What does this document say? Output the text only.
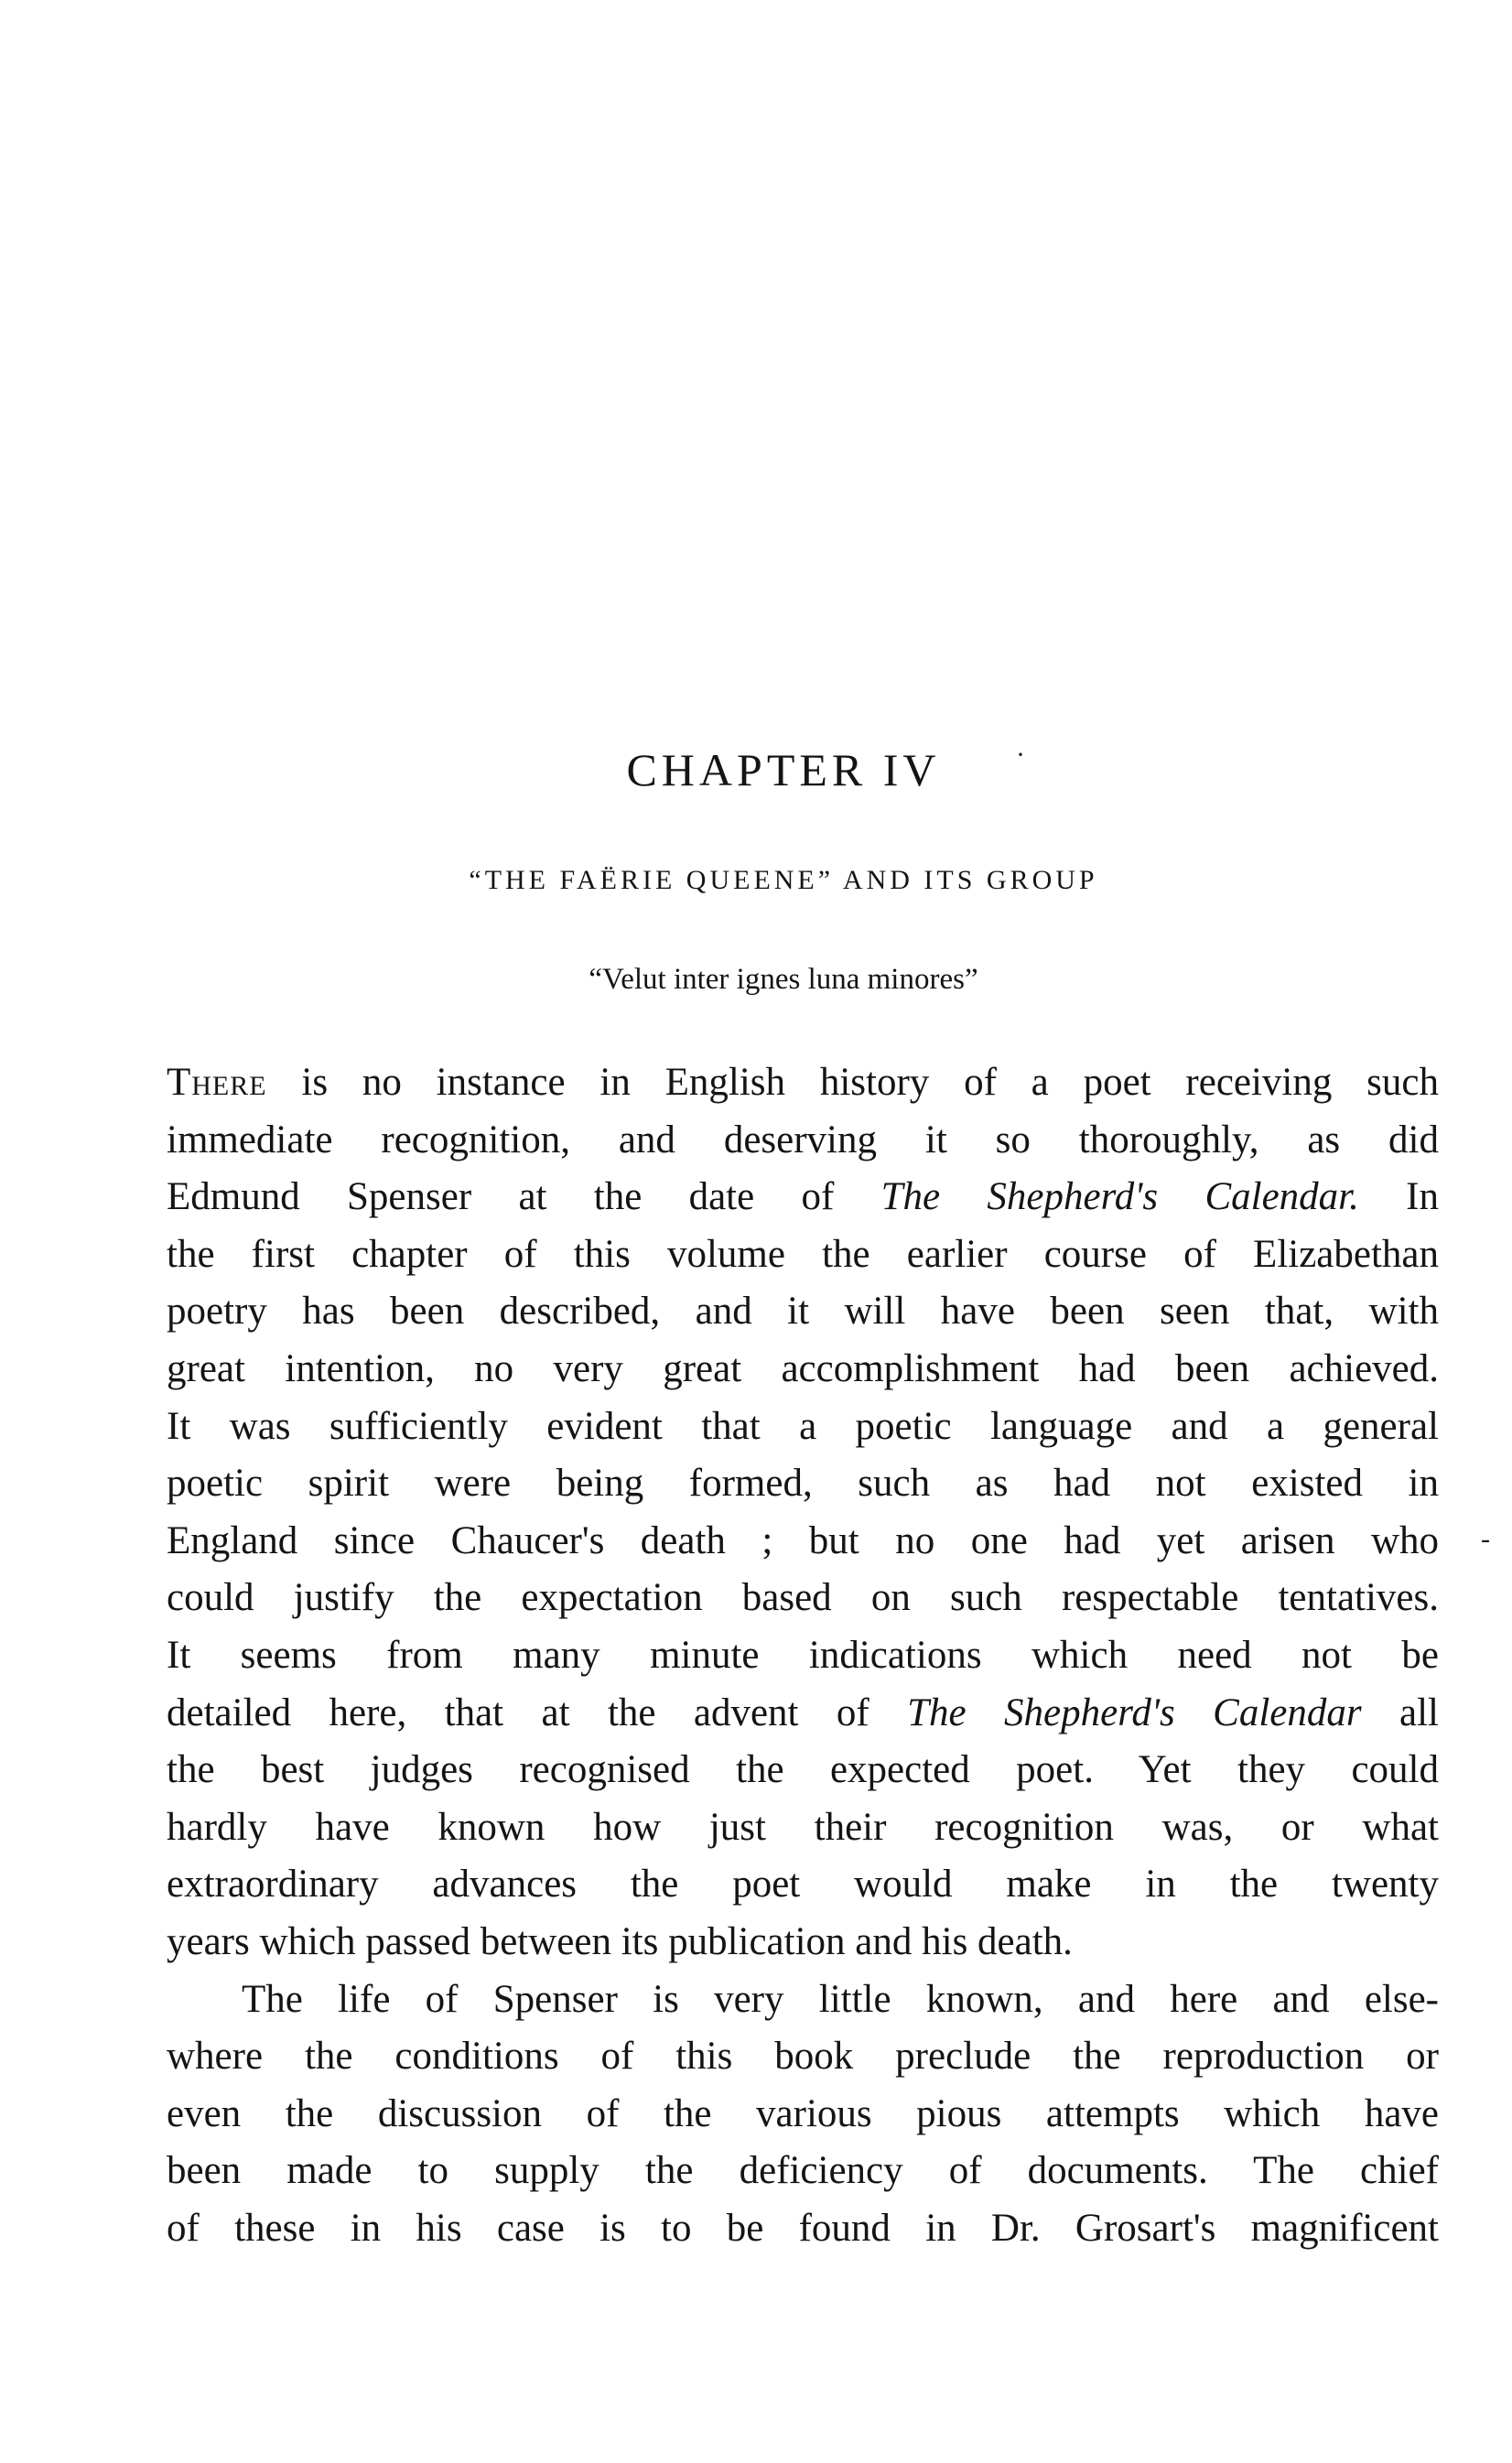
CHAPTER IV	·
“THE FAËRIE QUEENE” AND ITS GROUP

“Velut inter ignes luna minores”

There is no instance in English history of a poet receiving such
immediate recognition, and deserving it so thoroughly, as did
Edmund Spenser at the date of The Shepherd's Calendar. In
the first chapter of this volume the earlier course of Elizabethan
poetry has been described, and it will have been seen that, with
great intention, no very great accomplishment had been achieved.
It was sufficiently evident that a poetic language and a general
poetic spirit were being formed, such as had not existed in
England since Chaucer's death ; but no one had yet arisen who
could justify the expectation based on such respectable tentatives.
It seems from many minute indications which need not be
detailed here, that at the advent of The Shepherd's Calendar all
the best judges recognised the expected poet. Yet they could
hardly have known how just their recognition was, or what
extraordinary advances the poet would make in the twenty
years which passed between its publication and his death.
The life of Spenser is very little known, and here and else-
where the conditions of this book preclude the reproduction or
even the discussion of the various pious attempts which have
been made to supply the deficiency of documents. The chief
of these in his case is to be found in Dr. Grosart's magnificent
-
